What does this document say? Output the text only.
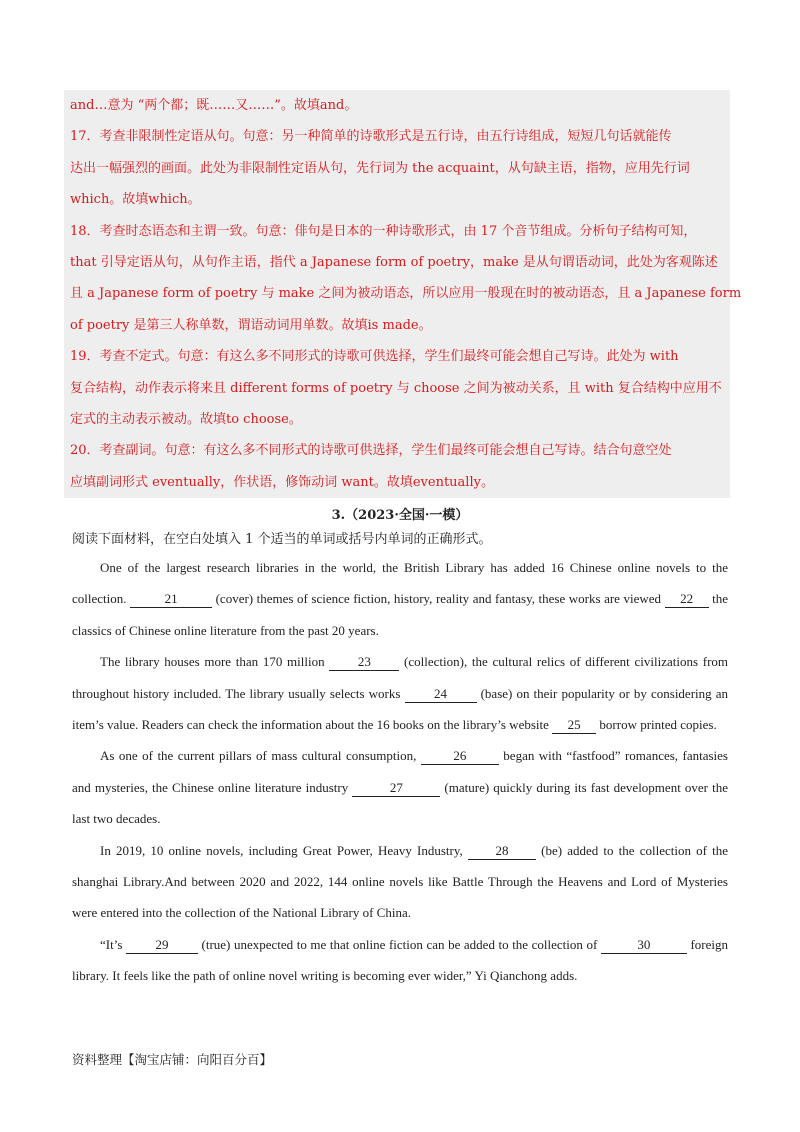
and…意为 “两个都；既……又……”。故填and。
17．考查非限制性定语从句。句意：另一种简单的诗歌形式是五行诗，由五行诗组成，短短几句话就能传
达出一幅强烈的画面。此处为非限制性定语从句，先行词为 the acquaint，从句缺主语，指物，应用先行词
which。故填which。
18．考查时态语态和主谓一致。句意：俳句是日本的一种诗歌形式，由 17 个音节组成。分析句子结构可知，
that 引导定语从句，从句作主语，指代 a Japanese form of poetry，make 是从句谓语动词，此处为客观陈述
且 a Japanese form of poetry 与 make 之间为被动语态，所以应用一般现在时的被动语态，且 a Japanese form
of poetry 是第三人称单数，谓语动词用单数。故填is made。
19．考查不定式。句意：有这么多不同形式的诗歌可供选择，学生们最终可能会想自己写诗。此处为 with
复合结构，动作表示将来且 different forms of poetry 与 choose 之间为被动关系，且 with 复合结构中应用不
定式的主动表示被动。故填to choose。
20．考查副词。句意：有这么多不同形式的诗歌可供选择，学生们最终可能会想自己写诗。结合句意空处
应填副词形式 eventually，作状语，修饰动词 want。故填eventually。
3.（2023·全国·一模）
阅读下面材料，在空白处填入 1 个适当的单词或括号内单词的正确形式。

One of the largest research libraries in the world, the British Library has added 16 Chinese online novels to the collection.	21	(cover) themes of science fiction, history, reality and fantasy, these works are viewed 22 the classics of Chinese online literature from the past 20 years.

The library houses more than 170 million 23 (collection), the cultural relics of different civilizations from throughout history included. The library usually selects works 24 (base) on their popularity or by considering an item’s value. Readers can check the information about the 16 books on the library’s website 25 borrow printed copies.

As one of the current pillars of mass cultural consumption,	26	began with “fastfood” romances, fantasies and mysteries, the Chinese online literature industry	27	(mature) quickly during its fast development over the last two decades.

In 2019, 10 online novels, including Great Power, Heavy Industry, 28 (be) added to the collection of the shanghai Library.And between 2020 and 2022, 144 online novels like Battle Through the Heavens and Lord of Mysteries were entered into the collection of the National Library of China.

“It’s 29 (true) unexpected to me that online fiction can be added to the collection of	30	foreign library. It feels like the path of online novel writing is becoming ever wider,” Yi Qianchong adds.

资料整理【淘宝店铺：向阳百分百】
